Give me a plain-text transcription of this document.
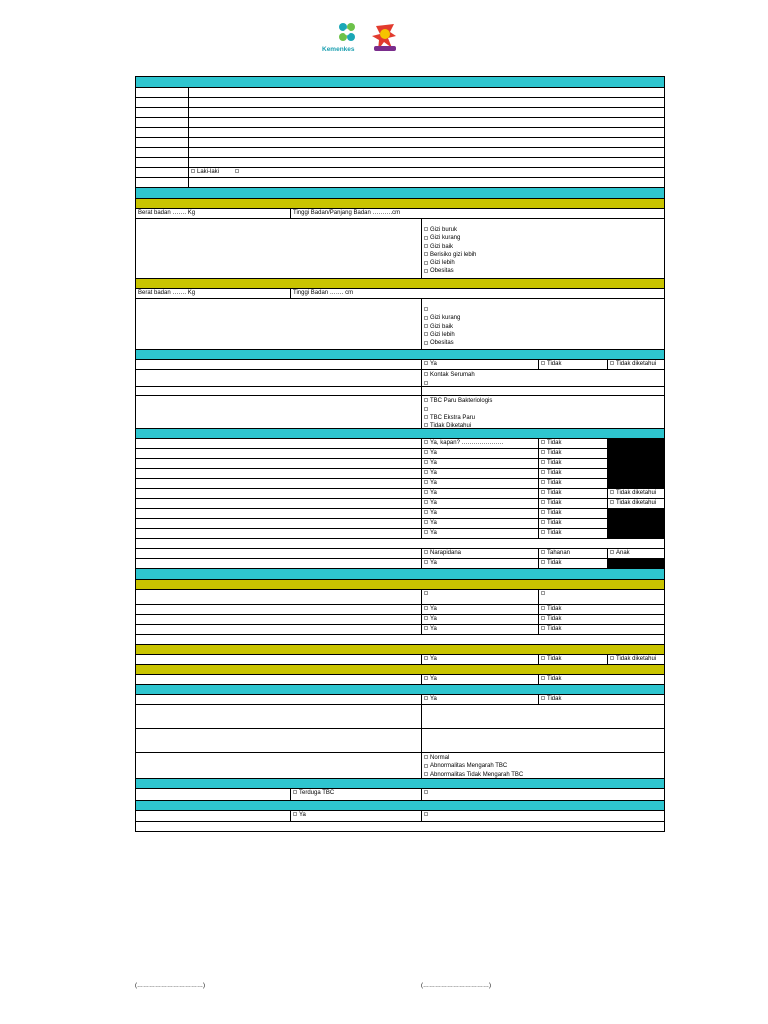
Kemenkes
Laki-laki
Berat badan ……. Kg	Tinggi Badan/Panjang Badan ……….cm
Gizi buruk
Gizi kurang
Gizi baik
Berisiko gizi lebih
Gizi lebih
Obesitas
Berat badan ……. Kg	Tinggi Badan ……. cm
Gizi kurang
Gizi baik
Gizi lebih
Obesitas
Ya	Tidak	Tidak diketahui
Kontak Serumah
TBC Paru Bakteriologis
TBC Ekstra Paru
Tidak Diketahui
Ya, kapan? …………………	Tidak
Ya	Tidak
Ya	Tidak
Ya	Tidak
Ya	Tidak
Ya	Tidak	Tidak diketahui
Ya	Tidak	Tidak diketahui
Ya	Tidak
Ya	Tidak
Ya	Tidak
Narapidana	Tahanan	Anak
Ya	Tidak
Ya	Tidak
Ya	Tidak
Ya	Tidak
Ya	Tidak	Tidak diketahui
Ya	Tidak
Ya	Tidak
Normal
Abnormalitas Mengarah TBC
Abnormalitas Tidak Mengarah TBC
Terduga TBC
Ya
(……………………………)	(……………………………)
